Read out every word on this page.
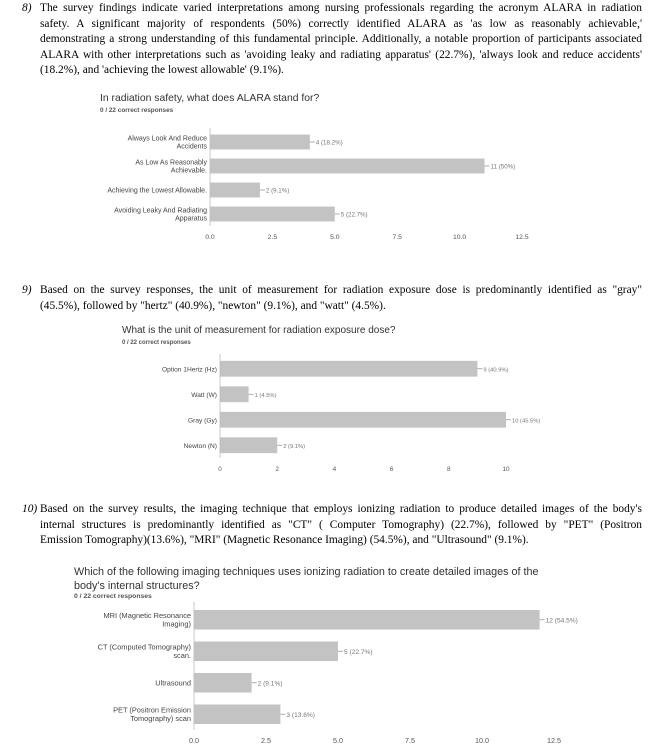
8) The survey findings indicate varied interpretations among nursing professionals regarding the acronym ALARA in radiation
safety. A significant majority of respondents (50%) correctly identified ALARA as 'as low as reasonably achievable,'
demonstrating a strong understanding of this fundamental principle. Additionally, a notable proportion of participants associated
ALARA with other interpretations such as 'avoiding leaky and radiating apparatus' (22.7%), 'always look and reduce accidents'
(18.2%), and 'achieving the lowest allowable' (9.1%).
In radiation safety, what does ALARA stand for?
0 / 22 correct responses
4 (18.2%)
Always Look And Reduce
Accidents
11 (50%)
As Low As Reasonably
Achievable.
2 (9.1%)
Achieving the Lowest Allowable.
5 (22.7%)
Avoiding Leaky And Radiating
Apparatus
0.0	2.5	5.0	7.5	10.0	12.5
9) Based on the survey responses, the unit of measurement for radiation exposure dose is predominantly identified as "gray"
(45.5%), followed by "hertz" (40.9%), "newton" (9.1%), and "watt" (4.5%).
What is the unit of measurement for radiation exposure dose?
0 / 22 correct responses
9 (40.9%)
Option 1Hertz (Hz)
1 (4.5%)
Watt (W)
10 (45.5%)
Gray (Gy)
2 (9.1%)
Newton (N)
0	2	4	6	8	10
10) Based on the survey results, the imaging technique that employs ionizing radiation to produce detailed images of the body's
internal structures is predominantly identified as "CT" ( Computer Tomography) (22.7%), followed by "PET" (Positron
Emission Tomography)(13.6%), "MRI" (Magnetic Resonance Imaging) (54.5%), and "Ultrasound" (9.1%).
Which of the following imaging techniques uses ionizing radiation to create detailed images of the
body's internal structures?
0 / 22 correct responses
12 (54.5%)
MRI (Magnetic Resonance
Imaging)
5 (22.7%)
CT (Computed Tomography)
scan.
2 (9.1%)
Ultrasound
3 (13.6%)
PET (Positron Emission
Tomography) scan
0.0	2.5	5.0	7.5	10.0	12.5
